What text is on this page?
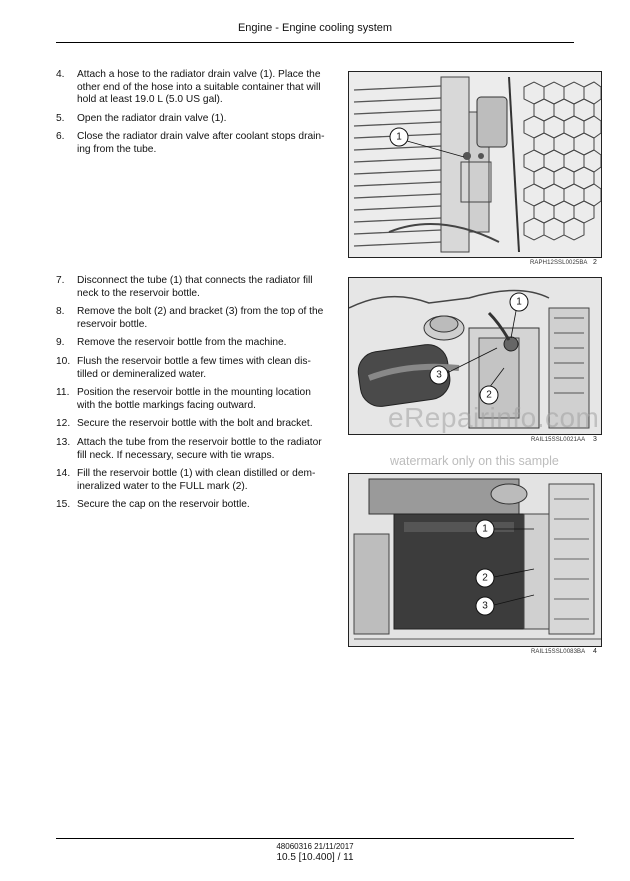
Engine - Engine cooling system
4.	Attach a hose to the radiator drain valve (1). Place the other end of the hose into a suitable container that will hold at least 19.0 L (5.0 US gal).
5.	Open the radiator drain valve (1).
6.	Close the radiator drain valve after coolant stops draining from the tube.
7.	Disconnect the tube (1) that connects the radiator fill neck to the reservoir bottle.
8.	Remove the bolt (2) and bracket (3) from the top of the reservoir bottle.
9.	Remove the reservoir bottle from the machine.
10. Flush the reservoir bottle a few times with clean distilled or demineralized water.
11. Position the reservoir bottle in the mounting location with the bottle markings facing outward.
12. Secure the reservoir bottle with the bolt and bracket.
13. Attach the tube from the reservoir bottle to the radiator fill neck. If necessary, secure with tie wraps.
14. Fill the reservoir bottle (1) with clean distilled or demineralized water to the FULL mark (2).
15. Secure the cap on the reservoir bottle.
1
RAPH12SSL0025BA 2
1
3
2
RAIL15SSL0021AA 3
1
2
3
RAIL15SSL0083BA 4
eRepairinfo.com
watermark only on this sample
48060316 21/11/2017
10.5 [10.400] / 11
